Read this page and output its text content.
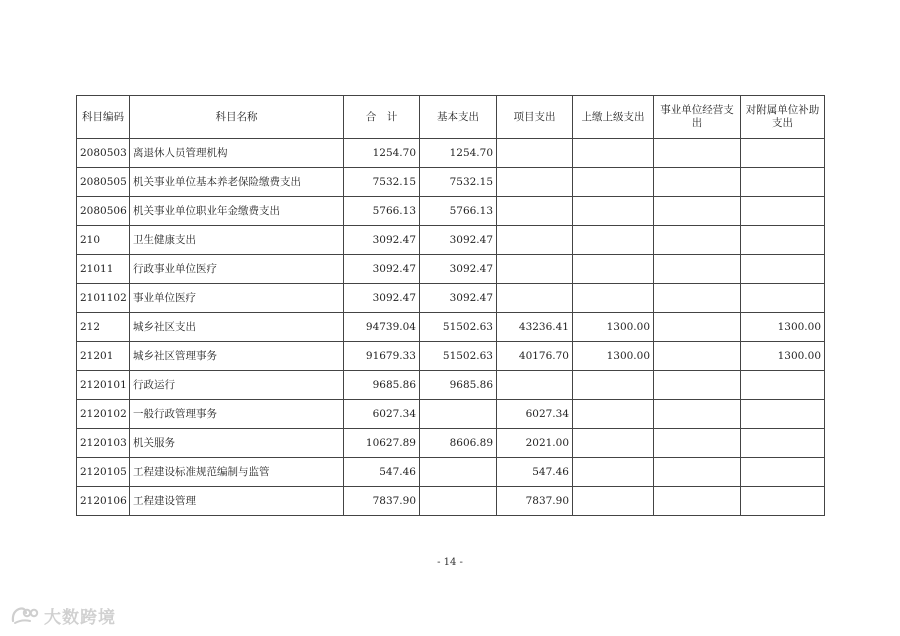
科目编码	科目名称	合　计	基本支出	项目支出	上缴上级支出	事业单位经营支出	对附属单位补助支出
2080503	离退休人员管理机构	1254.70	1254.70				
2080505	机关事业单位基本养老保险缴费支出	7532.15	7532.15				
2080506	机关事业单位职业年金缴费支出	5766.13	5766.13				
210	卫生健康支出	3092.47	3092.47				
21011	行政事业单位医疗	3092.47	3092.47				
2101102	事业单位医疗	3092.47	3092.47				
212	城乡社区支出	94739.04	51502.63	43236.41	1300.00		1300.00
21201	城乡社区管理事务	91679.33	51502.63	40176.70	1300.00		1300.00
2120101	行政运行	9685.86	9685.86				
2120102	一般行政管理事务	6027.34		6027.34			
2120103	机关服务	10627.89	8606.89	2021.00			
2120105	工程建设标准规范编制与监管	547.46		547.46			
2120106	工程建设管理	7837.90		7837.90			
- 14 -
大数跨境
